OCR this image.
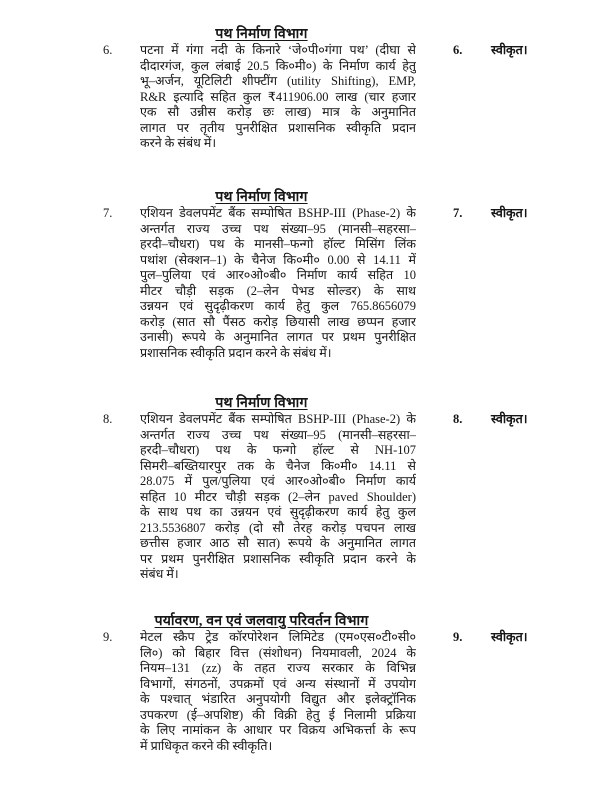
पथ निर्माण विभाग
6. पटना में गंगा नदी के किनारे ‘जे०पी०गंगा पथ’ (दीघा से
दीदारगंज, कुल लंबाई 20.5 कि०मी०) के निर्माण कार्य हेतु
भू–अर्जन, यूटिलिटी शीफ्टींग (utility Shifting), EMP,
R&R इत्यादि सहित कुल ₹411906.00 लाख (चार हजार
एक सौ उन्नीस करोड़ छः लाख) मात्र के अनुमानित
लागत पर तृतीय पुनरीक्षित प्रशासनिक स्वीकृति प्रदान
करने के संबंध में।
6. स्वीकृत।
पथ निर्माण विभाग
7. एशियन डेवलपमेंट बैंक सम्पोषित BSHP-III (Phase-2) के
अन्तर्गत राज्य उच्च पथ संख्या–95 (मानसी–सहरसा–
हरदी–चौधरा) पथ के मानसी–फन्गो हॉल्ट मिसिंग लिंक
पथांश (सेक्शन–1) के चैनेज कि०मी० 0.00 से 14.11 में
पुल–पुलिया एवं आर०ओ०बी० निर्माण कार्य सहित 10
मीटर चौड़ी सड़क (2–लेन पेभड सोल्डर) के साथ
उन्नयन एवं सुदृढ़ीकरण कार्य हेतु कुल 765.8656079
करोड़ (सात सौ पैंसठ करोड़ छियासी लाख छप्पन हजार
उनासी) रूपये के अनुमानित लागत पर प्रथम पुनरीक्षित
प्रशासनिक स्वीकृति प्रदान करने के संबंध में।
7. स्वीकृत।
पथ निर्माण विभाग
8. एशियन डेवलपमेंट बैंक सम्पोषित BSHP-III (Phase-2) के
अन्तर्गत राज्य उच्च पथ संख्या–95 (मानसी–सहरसा–
हरदी–चौधरा) पथ के फन्गो हॉल्ट से NH-107
सिमरी–बख्तियारपुर तक के चैनेज कि०मी० 14.11 से
28.075 में पुल/पुलिया एवं आर०ओ०बी० निर्माण कार्य
सहित 10 मीटर चौड़ी सड़क (2–लेन paved Shoulder)
के साथ पथ का उन्नयन एवं सुदृढ़ीकरण कार्य हेतु कुल
213.5536807 करोड़ (दो सौ तेरह करोड़ पचपन लाख
छत्तीस हजार आठ सौ सात) रूपये के अनुमानित लागत
पर प्रथम पुनरीक्षित प्रशासनिक स्वीकृति प्रदान करने के
संबंध में।
8. स्वीकृत।
पर्यावरण, वन एवं जलवायु परिवर्तन विभाग
9. मेटल स्क्रैप ट्रेड कॉरपोरेशन लिमिटेड (एम०एस०टी०सी०
लि०) को बिहार वित्त (संशोधन) नियमावली, 2024 के
नियम–131 (zz) के तहत राज्य सरकार के विभिन्न
विभागों, संगठनों, उपक्रमों एवं अन्य संस्थानों में उपयोग
के पश्चात् भंडारित अनुपयोगी विद्युत और इलेक्ट्रॉनिक
उपकरण (ई–अपशिष्ट) की विक्री हेतु ई निलामी प्रक्रिया
के लिए नामांकन के आधार पर विक्रय अभिकर्त्ता के रूप
में प्राधिकृत करने की स्वीकृति।
9. स्वीकृत।
